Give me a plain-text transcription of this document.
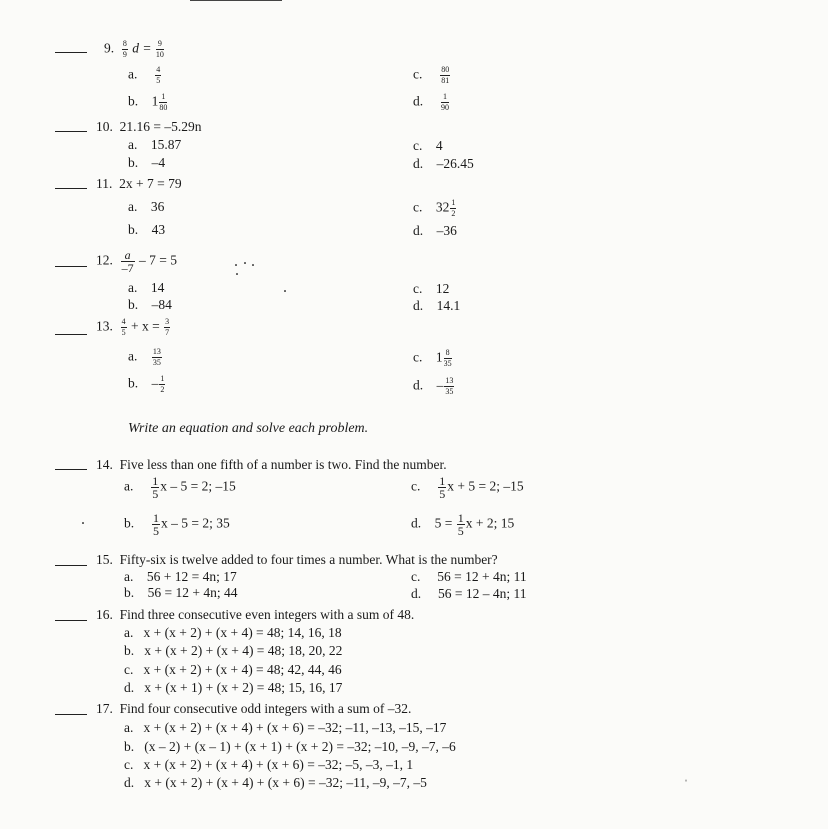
9. $\frac{8}{9}$ $d = \frac{9}{10}$
a. $\frac{4}{5}$	c. $\frac{80}{81}$
b. $1 \frac{1}{80}$	d. $\frac{1}{90}$
10. 21.16 = –5.29n
a. 15.87	c. 4
b. –4	d. –26.45
11. 2x + 7 = 79
a. 36	c. $32 \frac{1}{2}$
b. 43	d. –36
12. $\frac{a}{-7} - 7 = 5$
a. 14	c. 12
b. –84	d. 14.1
13. $\frac{4}{5} + x = \frac{3}{7}$
a. $\frac{13}{35}$	c. $1 \frac{8}{35}$
b. – $\frac{1}{2}$	d. – $\frac{13}{35}$
Write an equation and solve each problem.
14. Five less than one fifth of a number is two. Find the number.
a. $\frac{1}{5}$ x – 5 = 2; –15	c. $\frac{1}{5}$ x + 5 = 2; –15
b. $\frac{1}{5}$ x – 5 = 2; 35	d. $5 = \frac{1}{5}$ x + 2; 15
15. Fifty-six is twelve added to four times a number. What is the number?
a. 56 + 12 = 4n; 17	c. 56 = 12 + 4n; 11
b. 56 = 12 + 4n; 44	d. 56 = 12 – 4n; 11
16. Find three consecutive even integers with a sum of 48.
a. x + (x + 2) + (x + 4) = 48; 14, 16, 18
b. x + (x + 2) + (x + 4) = 48; 18, 20, 22
c. x + (x + 2) + (x + 4) = 48; 42, 44, 46
d. x + (x + 1) + (x + 2) = 48; 15, 16, 17
17. Find four consecutive odd integers with a sum of –32.
a. x + (x + 2) + (x + 4) + (x + 6) = –32; –11, –13, –15, –17
b. (x – 2) + (x – 1) + (x + 1) + (x + 2) = –32; –10, –9, –7, –6
c. x + (x + 2) + (x + 4) + (x + 6) = –32; –5, –3, –1, 1
d. x + (x + 2) + (x + 4) + (x + 6) = –32; –11, –9, –7, –5	ˈ
